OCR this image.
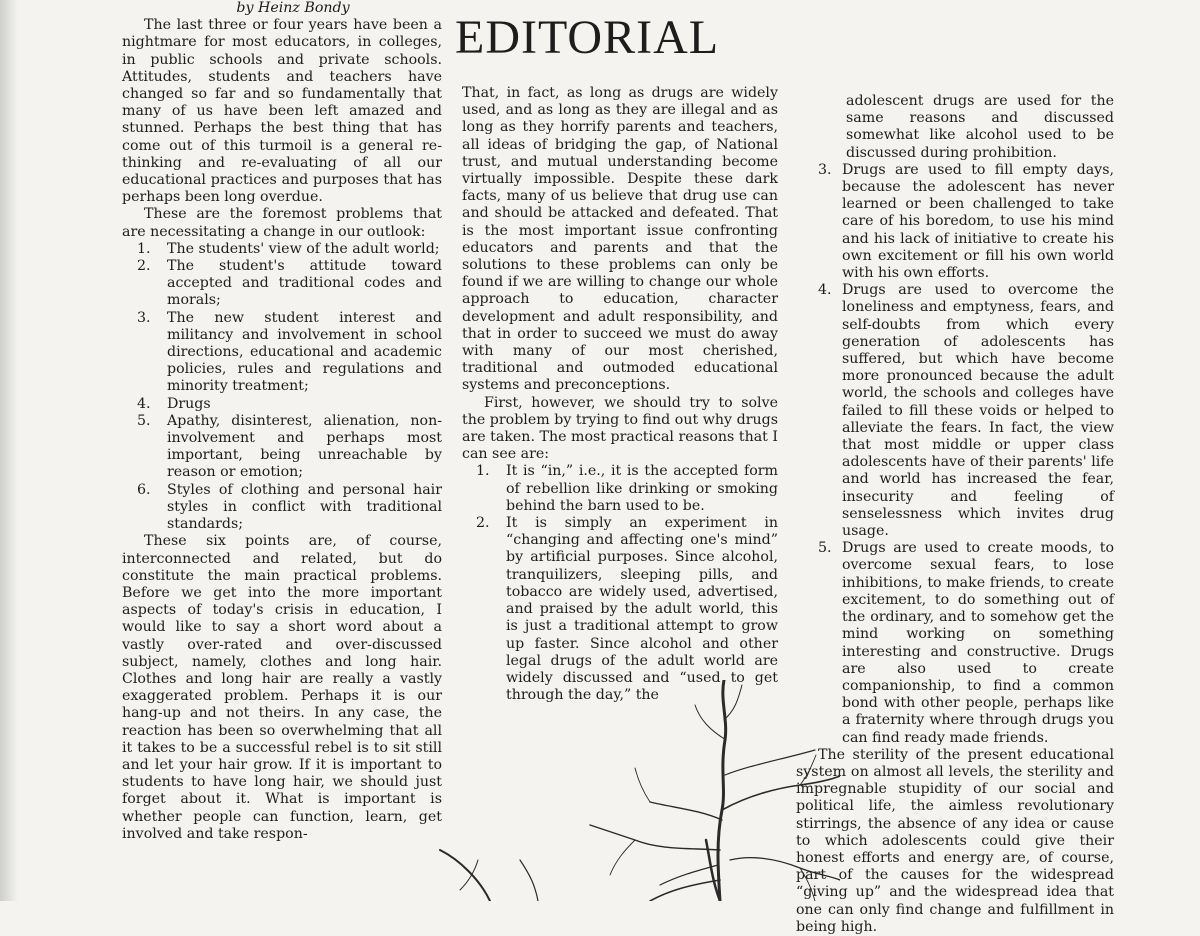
EDITORIAL

by Heinz Bondy

The last three or four years have been a nightmare for most educators, in colleges, in public schools and private schools. Attitudes, students and teachers have changed so far and so fundamentally that many of us have been left amazed and stunned. Perhaps the best thing that has come out of this turmoil is a general re-thinking and re-evaluating of all our educational practices and purposes that has perhaps been long overdue.

These are the foremost problems that are necessitating a change in our outlook:

1. The students' view of the adult world;
2. The student's attitude toward accepted and traditional codes and morals;
3. The new student interest and militancy and involvement in school directions, educational and academic policies, rules and regulations and minority treatment;
4. Drugs
5. Apathy, disinterest, alienation, non-involvement and perhaps most important, being unreachable by reason or emotion;
6. Styles of clothing and personal hair styles in conflict with traditional standards;

These six points are, of course, interconnected and related, but do constitute the main practical problems. Before we get into the more important aspects of today's crisis in education, I would like to say a short word about a vastly over-rated and over-discussed subject, namely, clothes and long hair. Clothes and long hair are really a vastly exaggerated problem. Perhaps it is our hang-up and not theirs. In any case, the reaction has been so overwhelming that all it takes to be a successful rebel is to sit still and let your hair grow. If it is important to students to have long hair, we should just forget about it. What is important is whether people can function, learn, get involved and take respon-

That, in fact, as long as drugs are widely used, and as long as they are illegal and as long as they horrify parents and teachers, all ideas of bridging the gap, of National trust, and mutual understanding become virtually impossible. Despite these dark facts, many of us believe that drug use can and should be attacked and defeated. That is the most important issue confronting educators and parents and that the solutions to these problems can only be found if we are willing to change our whole approach to education, character development and adult responsibility, and that in order to succeed we must do away with many of our most cherished, traditional and outmoded educational systems and preconceptions.

First, however, we should try to solve the problem by trying to find out why drugs are taken. The most practical reasons that I can see are:

1. It is “in,” i.e., it is the accepted form of rebellion like drinking or smoking behind the barn used to be.
2. It is simply an experiment in “changing and affecting one's mind” by artificial purposes. Since alcohol, tranquilizers, sleeping pills, and tobacco are widely used, advertised, and praised by the adult world, this is just a traditional attempt to grow up faster. Since alcohol and other legal drugs of the adult world are widely discussed and “used to get through the day,” the

adolescent drugs are used for the same reasons and discussed somewhat like alcohol used to be discussed during prohibition.

3. Drugs are used to fill empty days, because the adolescent has never learned or been challenged to take care of his boredom, to use his mind and his lack of initiative to create his own excitement or fill his own world with his own efforts.
4. Drugs are used to overcome the loneliness and emptyness, fears, and self-doubts from which every generation of adolescents has suffered, but which have become more pronounced because the adult world, the schools and colleges have failed to fill these voids or helped to alleviate the fears. In fact, the view that most middle or upper class adolescents have of their parents' life and world has increased the fear, insecurity and feeling of senselessness which invites drug usage.
5. Drugs are used to create moods, to overcome sexual fears, to lose inhibitions, to make friends, to create excitement, to do something out of the ordinary, and to somehow get the mind working on something interesting and constructive. Drugs are also used to create companionship, to find a common bond with other people, perhaps like a fraternity where through drugs you can find ready made friends.

The sterility of the present educational system on almost all levels, the sterility and impregnable stupidity of our social and political life, the aimless revolutionary stirrings, the absence of any idea or cause to which adolescents could give their honest efforts and energy are, of course, part of the causes for the widespread “giving up” and the widespread idea that one can only find change and fulfillment in being high.
